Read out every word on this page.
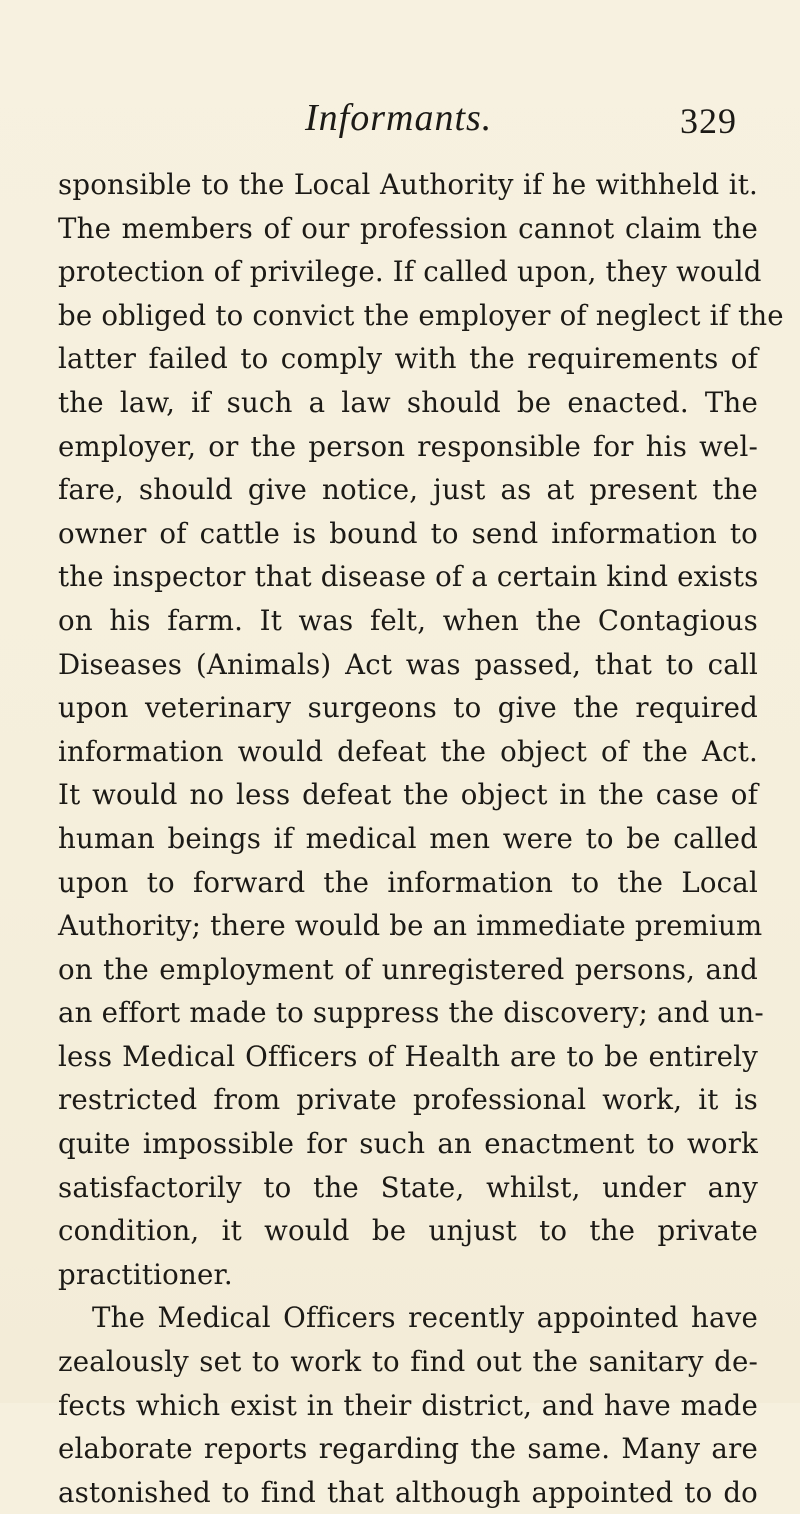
Informants.	329
sponsible to the Local Authority if he withheld it.
The members of our profession cannot claim the
protection of privilege. If called upon, they would
be obliged to convict the employer of neglect if the
latter failed to comply with the requirements of
the law, if such a law should be enacted. The
employer, or the person responsible for his wel-
fare, should give notice, just as at present the
owner of cattle is bound to send information to
the inspector that disease of a certain kind exists
on his farm. It was felt, when the Contagious
Diseases (Animals) Act was passed, that to call
upon veterinary surgeons to give the required
information would defeat the object of the Act.
It would no less defeat the object in the case of
human beings if medical men were to be called
upon to forward the information to the Local
Authority; there would be an immediate premium
on the employment of unregistered persons, and
an effort made to suppress the discovery; and un-
less Medical Officers of Health are to be entirely
restricted from private professional work, it is
quite impossible for such an enactment to work
satisfactorily to the State, whilst, under any
condition, it would be unjust to the private
practitioner.
The Medical Officers recently appointed have
zealously set to work to find out the sanitary de-
fects which exist in their district, and have made
elaborate reports regarding the same. Many are
astonished to find that although appointed to do
